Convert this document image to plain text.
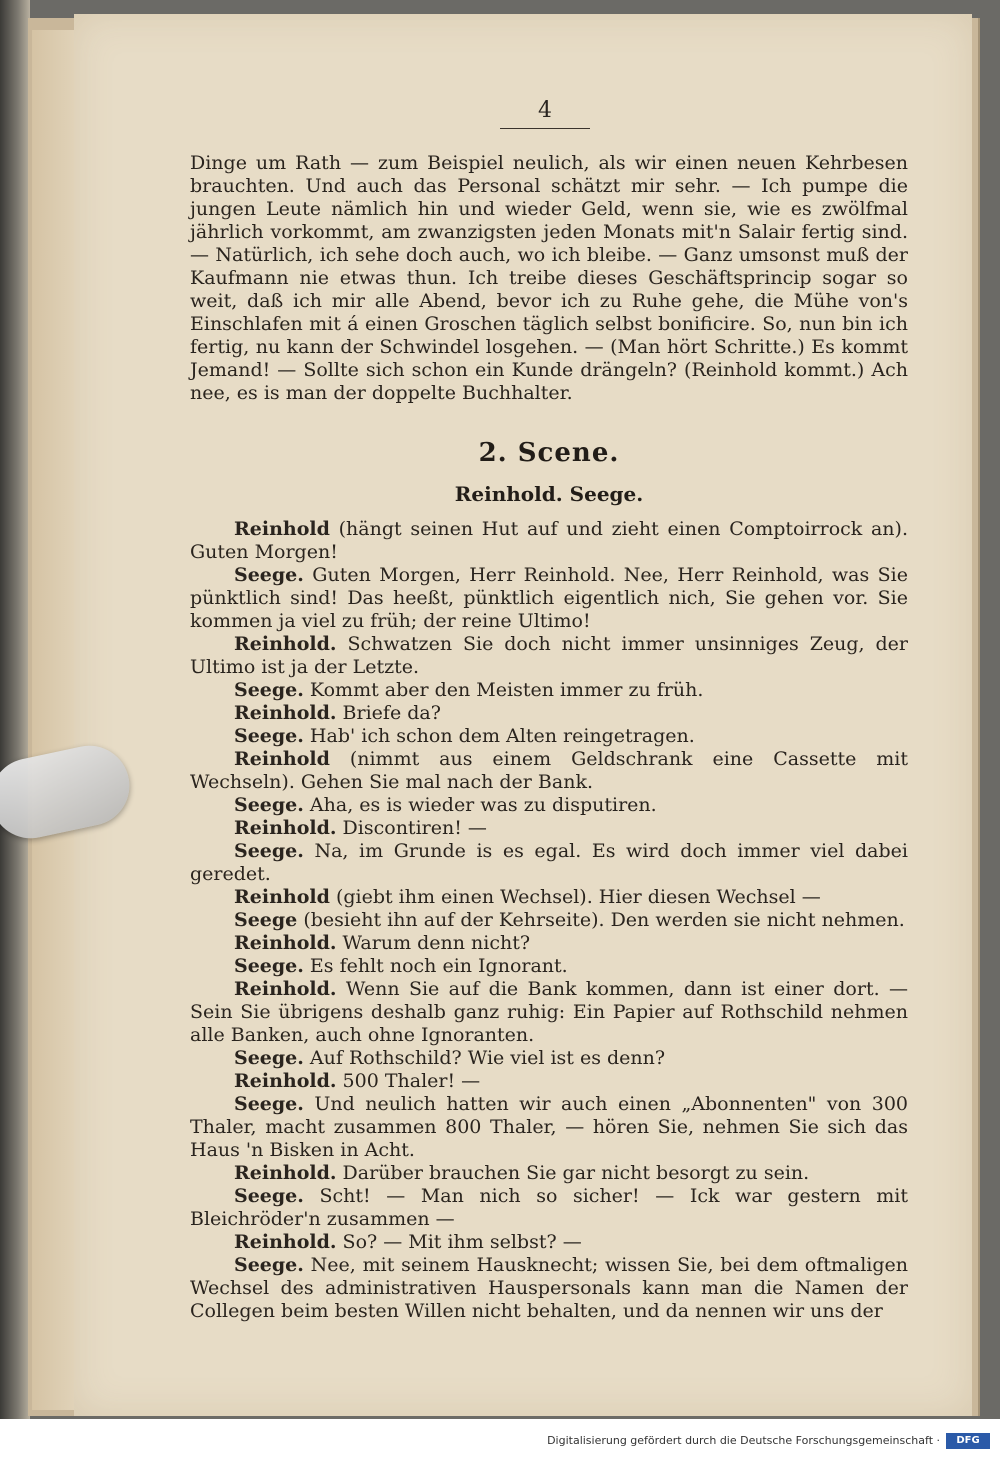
4

Dinge um Rath — zum Beispiel neulich, als wir einen neuen Kehrbesen brauchten. Und auch das Personal schätzt mir sehr. — Ich pumpe die jungen Leute nämlich hin und wieder Geld, wenn sie, wie es zwölfmal jährlich vorkommt, am zwanzigsten jeden Monats mit'n Salair fertig sind. — Natürlich, ich sehe doch auch, wo ich bleibe. — Ganz umsonst muß der Kaufmann nie etwas thun. Ich treibe dieses Geschäftsprincip sogar so weit, daß ich mir alle Abend, bevor ich zu Ruhe gehe, die Mühe von's Einschlafen mit á einen Groschen täglich selbst bonificire. So, nun bin ich fertig, nu kann der Schwindel losgehen. — (Man hört Schritte.) Es kommt Jemand! — Sollte sich schon ein Kunde drängeln? (Reinhold kommt.) Ach nee, es is man der doppelte Buchhalter.

2. Scene.
Reinhold. Seege.

Reinhold (hängt seinen Hut auf und zieht einen Comptoirrock an). Guten Morgen!

Seege. Guten Morgen, Herr Reinhold. Nee, Herr Reinhold, was Sie pünktlich sind! Das heeßt, pünktlich eigentlich nich, Sie gehen vor. Sie kommen ja viel zu früh; der reine Ultimo!

Reinhold. Schwatzen Sie doch nicht immer unsinniges Zeug, der Ultimo ist ja der Letzte.

Seege. Kommt aber den Meisten immer zu früh.

Reinhold. Briefe da?

Seege. Hab' ich schon dem Alten reingetragen.

Reinhold (nimmt aus einem Geldschrank eine Cassette mit Wechseln). Gehen Sie mal nach der Bank.

Seege. Aha, es is wieder was zu disputiren.

Reinhold. Discontiren! —

Seege. Na, im Grunde is es egal. Es wird doch immer viel dabei geredet.

Reinhold (giebt ihm einen Wechsel). Hier diesen Wechsel —

Seege (besieht ihn auf der Kehrseite). Den werden sie nicht nehmen.

Reinhold. Warum denn nicht?

Seege. Es fehlt noch ein Ignorant.

Reinhold. Wenn Sie auf die Bank kommen, dann ist einer dort. — Sein Sie übrigens deshalb ganz ruhig: Ein Papier auf Rothschild nehmen alle Banken, auch ohne Ignoranten.

Seege. Auf Rothschild? Wie viel ist es denn?

Reinhold. 500 Thaler! —

Seege. Und neulich hatten wir auch einen „Abonnenten" von 300 Thaler, macht zusammen 800 Thaler, — hören Sie, nehmen Sie sich das Haus 'n Bisken in Acht.

Reinhold. Darüber brauchen Sie gar nicht besorgt zu sein.

Seege. Scht! — Man nich so sicher! — Ick war gestern mit Bleichröder'n zusammen —

Reinhold. So? — Mit ihm selbst? —

Seege. Nee, mit seinem Hausknecht; wissen Sie, bei dem oftmaligen Wechsel des administrativen Hauspersonals kann man die Namen der Collegen beim besten Willen nicht behalten, und da nennen wir uns der

Digitalisierung gefördert durch die Deutsche Forschungsgemeinschaft ·	DFG
